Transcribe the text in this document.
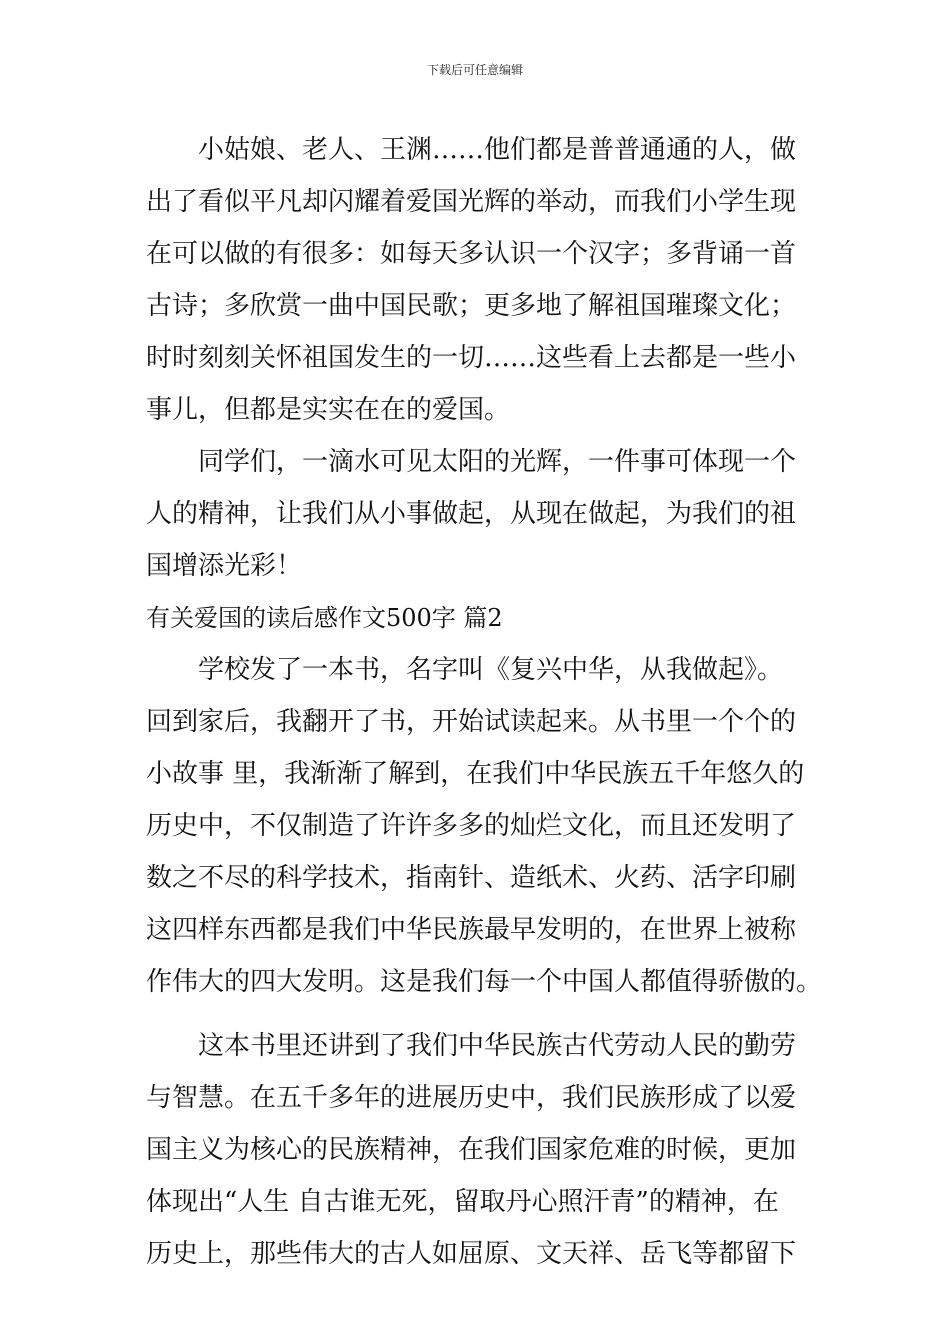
下载后可任意编辑
小姑娘、老人、王渊……他们都是普普通通的人，做
出了看似平凡却闪耀着爱国光辉的举动，而我们小学生现
在可以做的有很多：如每天多认识一个汉字；多背诵一首
古诗；多欣赏一曲中国民歌；更多地了解祖国璀璨文化；
时时刻刻关怀祖国发生的一切……这些看上去都是一些小
事儿，但都是实实在在的爱国。
同学们，一滴水可见太阳的光辉，一件事可体现一个
人的精神，让我们从小事做起，从现在做起，为我们的祖
国增添光彩！
有关爱国的读后感作文500字 篇2
学校发了一本书，名字叫《复兴中华，从我做起》。
回到家后，我翻开了书，开始试读起来。从书里一个个的
小故事 里，我渐渐了解到，在我们中华民族五千年悠久的
历史中，不仅制造了许许多多的灿烂文化，而且还发明了
数之不尽的科学技术，指南针、造纸术、火药、活字印刷
这四样东西都是我们中华民族最早发明的，在世界上被称
作伟大的四大发明。这是我们每一个中国人都值得骄傲的。
这本书里还讲到了我们中华民族古代劳动人民的勤劳
与智慧。在五千多年的进展历史中，我们民族形成了以爱
国主义为核心的民族精神，在我们国家危难的时候，更加
体现出“人生 自古谁无死，留取丹心照汗青”的精神，在
历史上，那些伟大的古人如屈原、文天祥、岳飞等都留下
